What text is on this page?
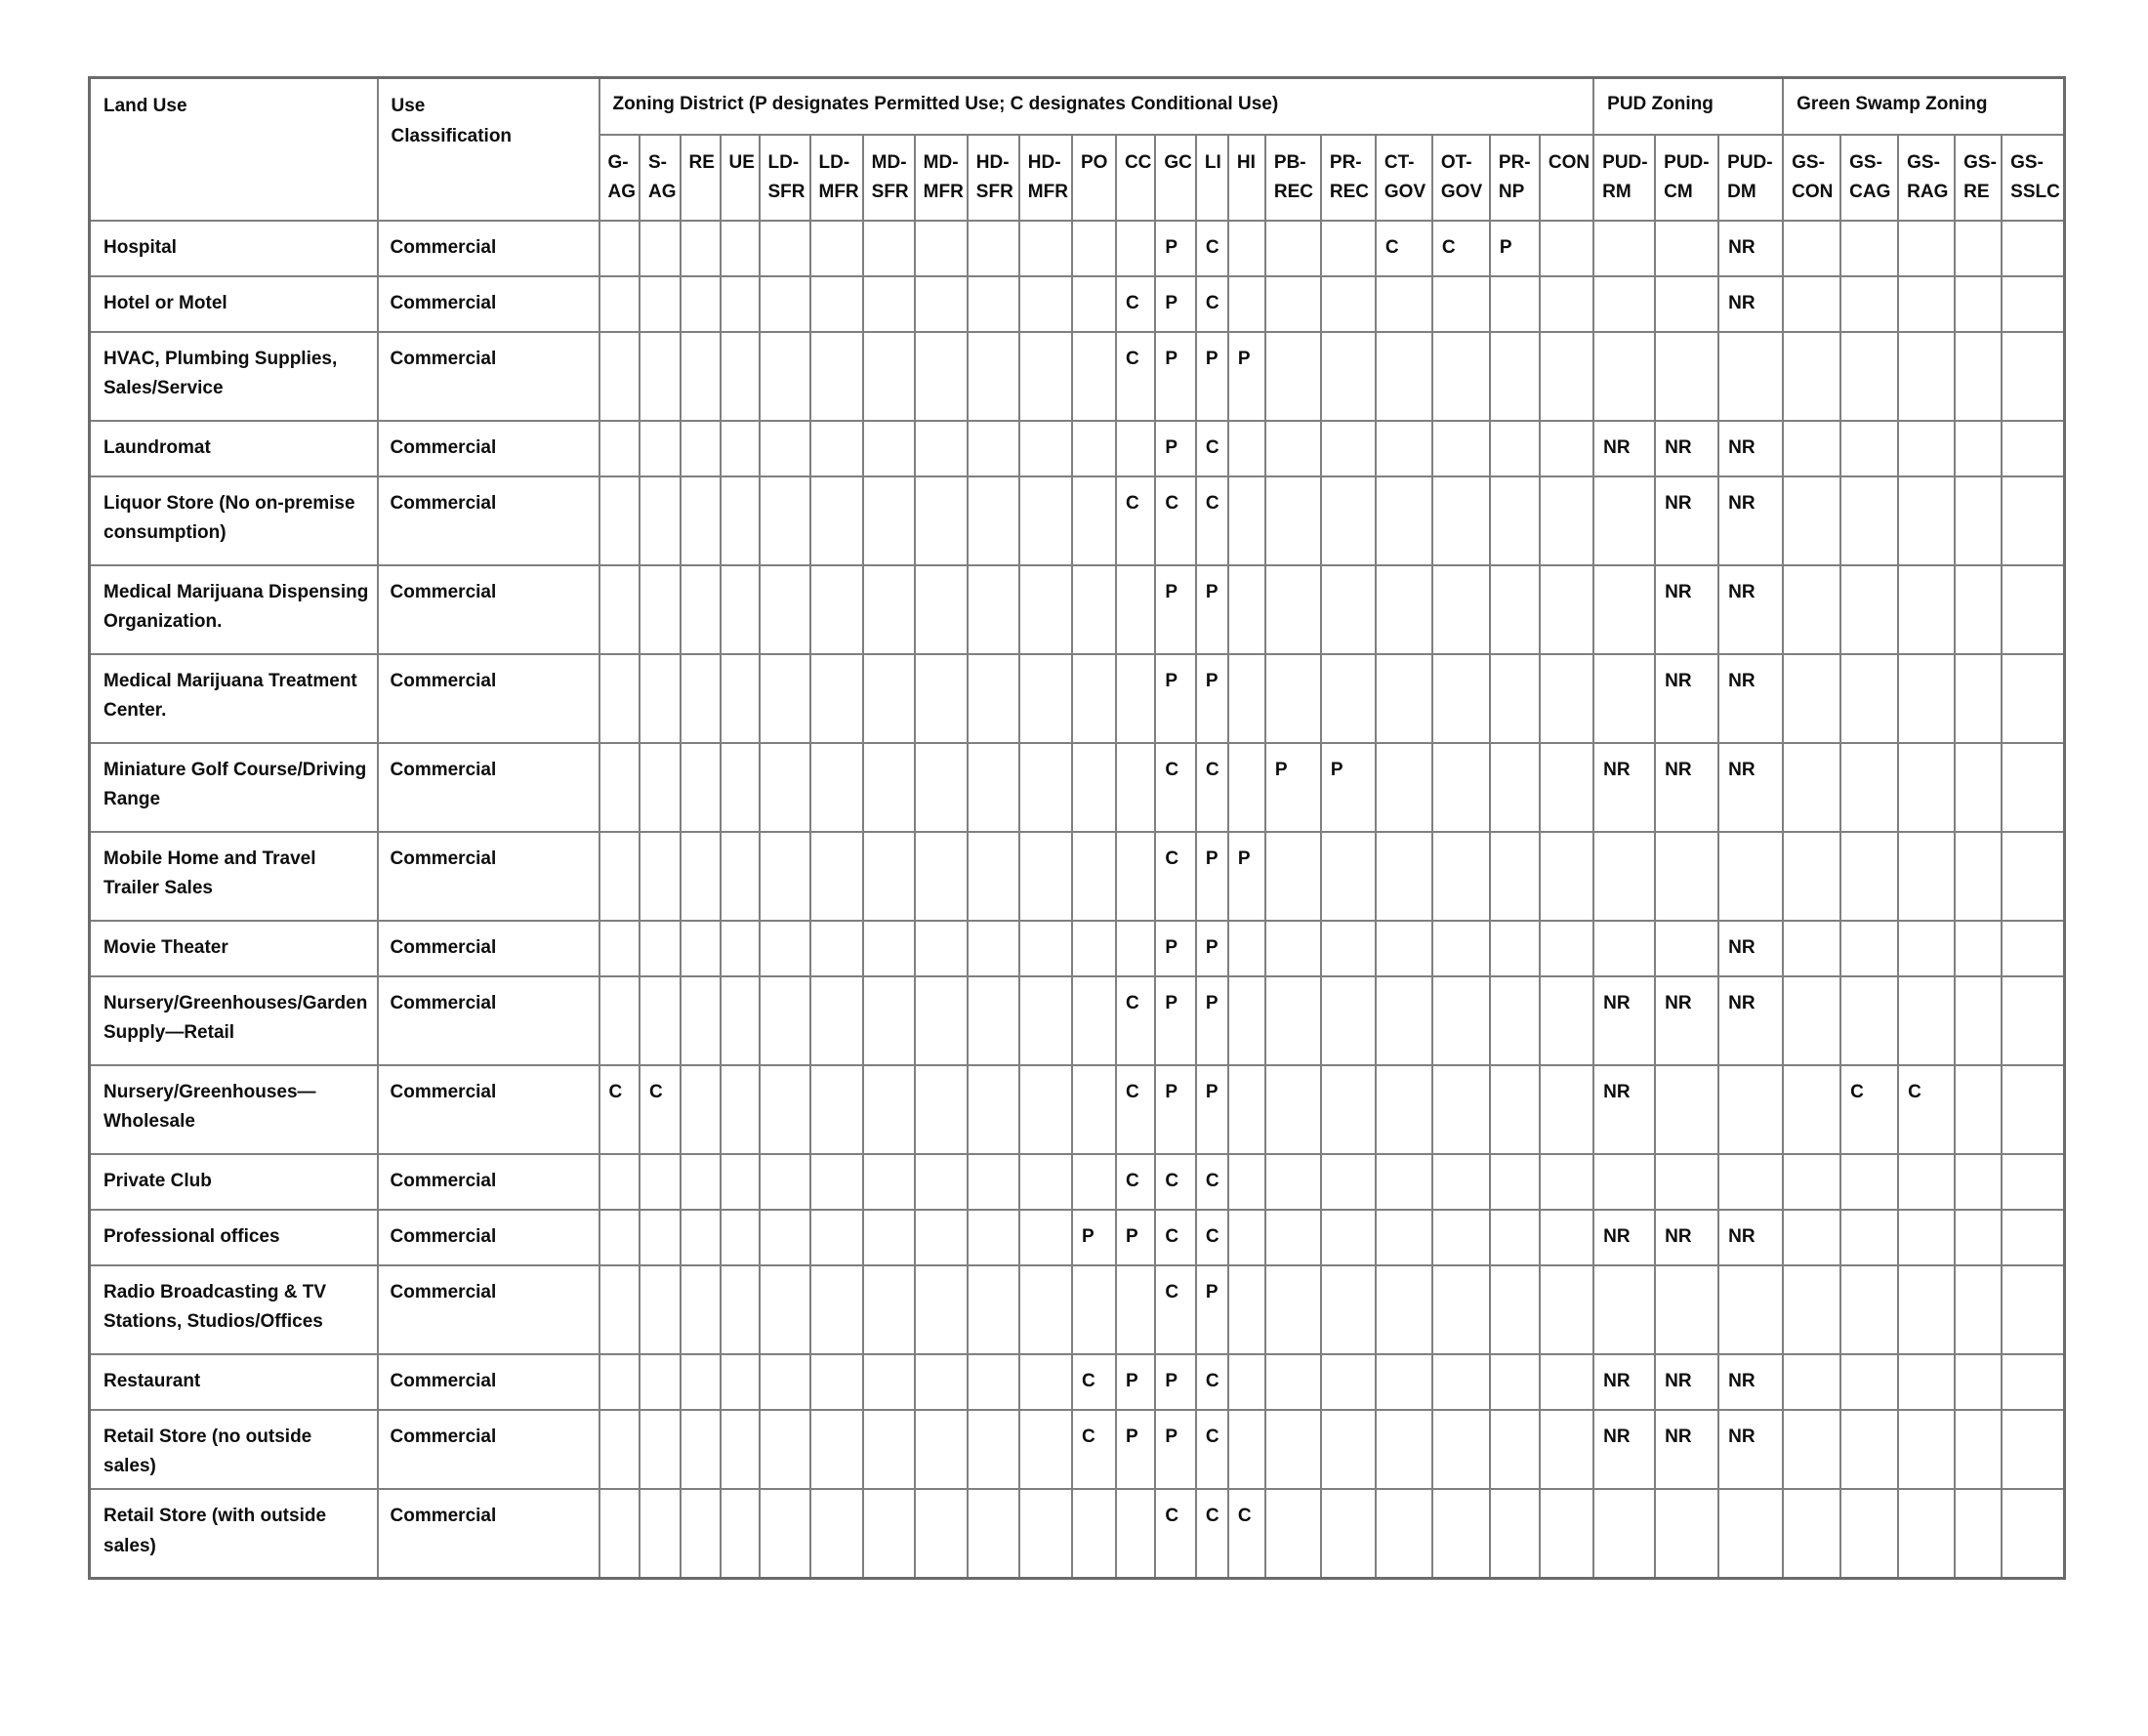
Land Use	Use Classification	Zoning District (P designates Permitted Use; C designates Conditional Use)																					PUD Zoning			Green Swamp Zoning				
		G-AG	S-AG	RE	UE	LD-SFR	LD-MFR	MD-SFR	MD-MFR	HD-SFR	HD-MFR	PO	CC	GC	LI	HI	PB-REC	PR-REC	CT-GOV	OT-GOV	PR-NP	CON	PUD-RM	PUD-CM	PUD-DM	GS-CON	GS-CAG	GS-RAG	GS-RE	GS-SSLC
Hospital	Commercial													P	C				C	C	P				NR					
Hotel or Motel	Commercial												C	P	C										NR					
HVAC, Plumbing Supplies, Sales/Service	Commercial												C	P	P	P														
Laundromat	Commercial													P	C								NR	NR	NR					
Liquor Store (No on-premise consumption)	Commercial												C	C	C									NR	NR					
Medical Marijuana Dispensing Organization.	Commercial													P	P									NR	NR					
Medical Marijuana Treatment Center.	Commercial													P	P									NR	NR					
Miniature Golf Course/Driving Range	Commercial													C	C		P	P					NR	NR	NR					
Mobile Home and Travel Trailer Sales	Commercial													C	P	P														
Movie Theater	Commercial													P	P										NR					
Nursery/Greenhouses/Garden Supply—Retail	Commercial												C	P	P								NR	NR	NR					
Nursery/Greenhouses—Wholesale	Commercial	C	C										C	P	P								NR				C	C		
Private Club	Commercial												C	C	C															
Professional offices	Commercial											P	P	C	C								NR	NR	NR					
Radio Broadcasting & TV Stations, Studios/Offices	Commercial													C	P															
Restaurant	Commercial											C	P	P	C								NR	NR	NR					
Retail Store (no outside sales)	Commercial											C	P	P	C								NR	NR	NR					
Retail Store (with outside sales)	Commercial													C	C	C														
